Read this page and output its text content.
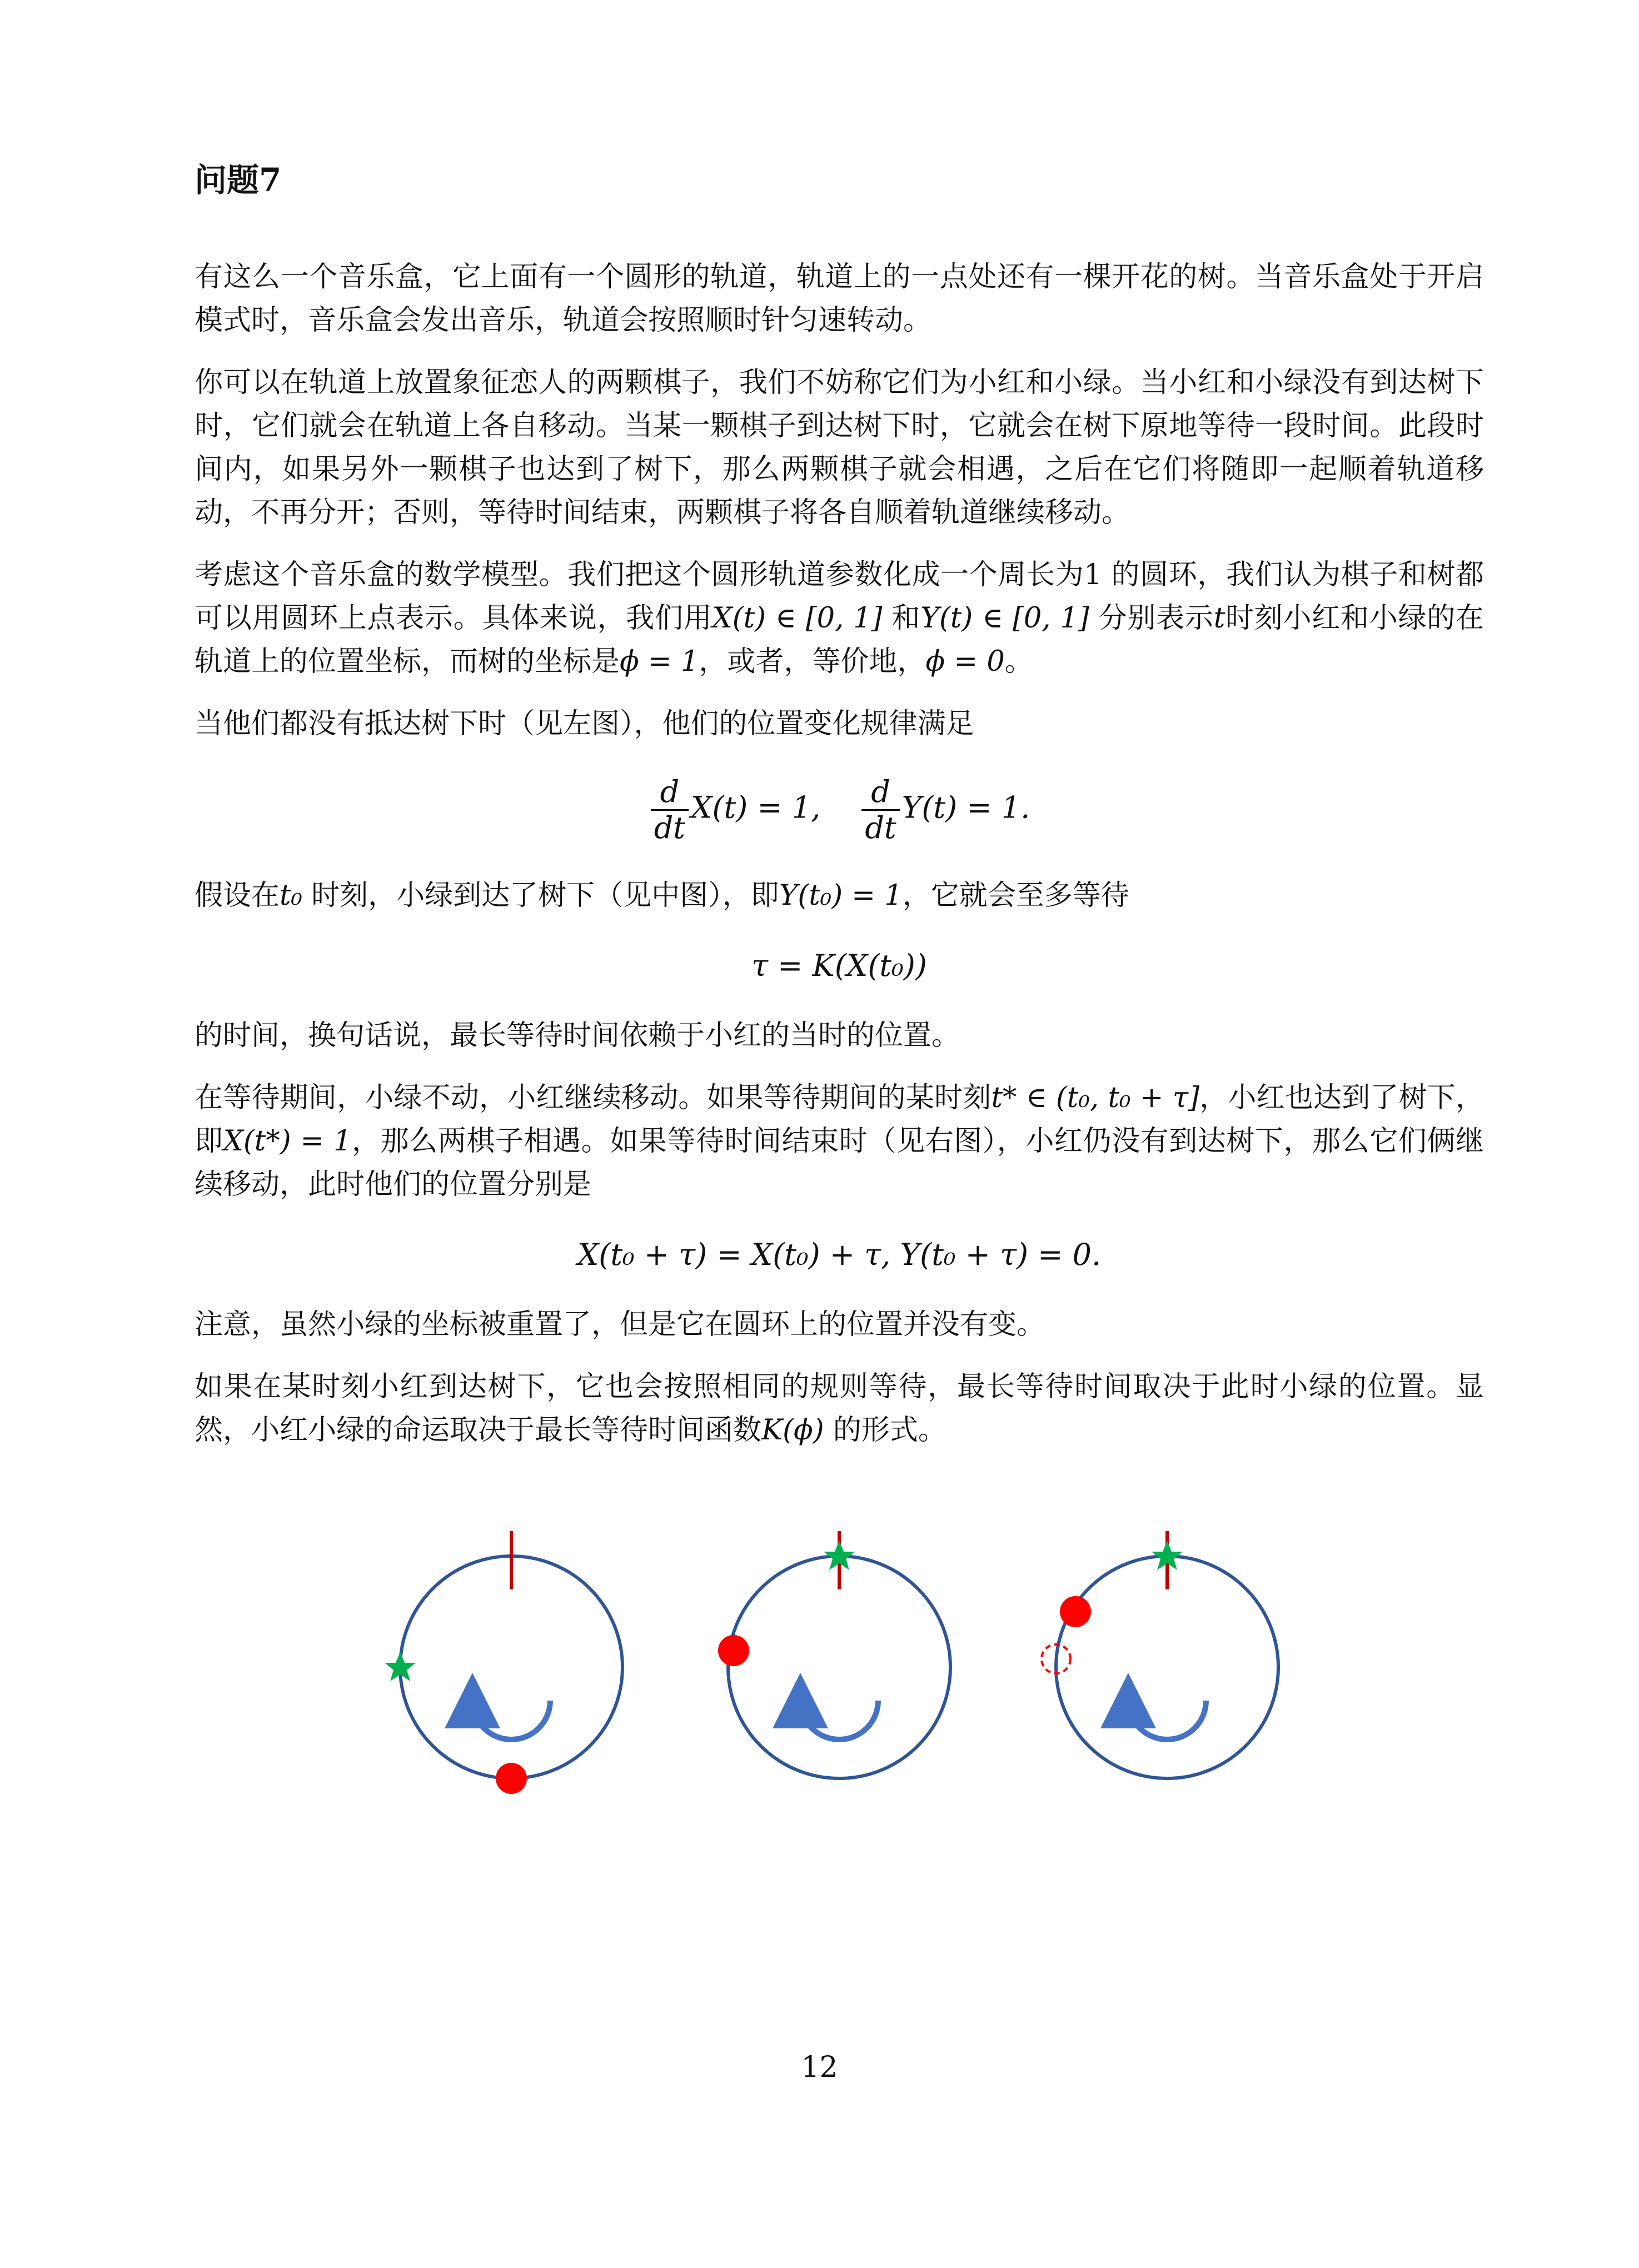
问题7

有这么一个音乐盒，它上面有一个圆形的轨道，轨道上的一点处还有一棵开花的树。当音乐盒处于开启模式时，音乐盒会发出音乐，轨道会按照顺时针匀速转动。

你可以在轨道上放置象征恋人的两颗棋子，我们不妨称它们为小红和小绿。当小红和小绿没有到达树下时，它们就会在轨道上各自移动。当某一颗棋子到达树下时，它就会在树下原地等待一段时间。此段时间内，如果另外一颗棋子也达到了树下，那么两颗棋子就会相遇，之后在它们将随即一起顺着轨道移动，不再分开；否则，等待时间结束，两颗棋子将各自顺着轨道继续移动。

考虑这个音乐盒的数学模型。我们把这个圆形轨道参数化成一个周长为1 的圆环，我们认为棋子和树都可以用圆环上点表示。具体来说，我们用X(t) ∈ [0, 1] 和Y(t) ∈ [0, 1] 分别表示t时刻小红和小绿的在轨道上的位置坐标，而树的坐标是ϕ = 1，或者，等价地，ϕ = 0。

当他们都没有抵达树下时（见左图），他们的位置变化规律满足

$\frac{d}{dt} X(t) = 1$, $\frac{d}{dt} Y(t) = 1$.

假设在t₀ 时刻，小绿到达了树下（见中图），即Y(t₀) = 1，它就会至多等待

τ = K(X(t₀))

的时间，换句话说，最长等待时间依赖于小红的当时的位置。

在等待期间，小绿不动，小红继续移动。如果等待期间的某时刻t* ∈ (t₀, t₀ + τ]，小红也达到了树下，即X(t*) = 1，那么两棋子相遇。如果等待时间结束时（见右图），小红仍没有到达树下，那么它们俩继续移动，此时他们的位置分别是

X(t₀ + τ) = X(t₀) + τ, Y(t₀ + τ) = 0.

注意，虽然小绿的坐标被重置了，但是它在圆环上的位置并没有变。

如果在某时刻小红到达树下，它也会按照相同的规则等待，最长等待时间取决于此时小绿的位置。显然，小红小绿的命运取决于最长等待时间函数K(ϕ) 的形式。

12
